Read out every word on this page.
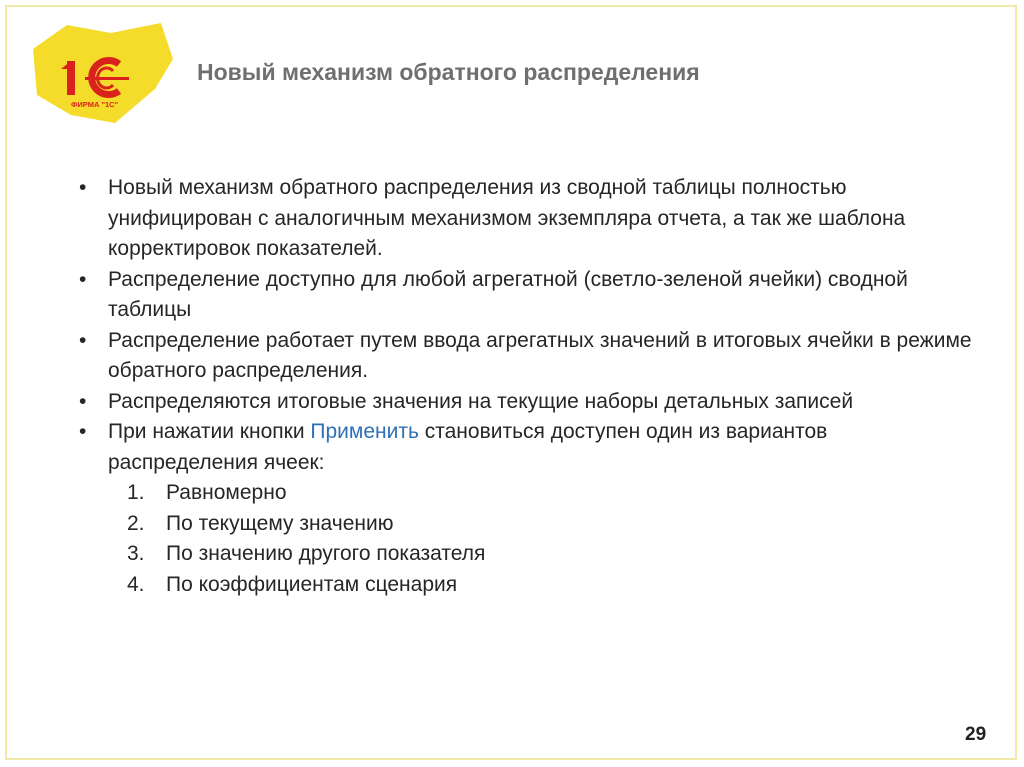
ФИРМА "1С"
Новый механизм обратного распределения

• Новый механизм обратного распределения из сводной таблицы полностью унифицирован с аналогичным механизмом экземпляра отчета, а так же шаблона корректировок показателей.

• Распределение доступно для любой агрегатной (светло-зеленой ячейки) сводной таблицы

• Распределение работает путем ввода агрегатных значений в итоговых ячейки в режиме обратного распределения.

• Распределяются итоговые значения на текущие наборы детальных записей

• При нажатии кнопки Применить становиться доступен один из вариантов распределения ячеек:

1. Равномерно

2. По текущему значению

3. По значению другого показателя

4. По коэффициентам сценария

29
